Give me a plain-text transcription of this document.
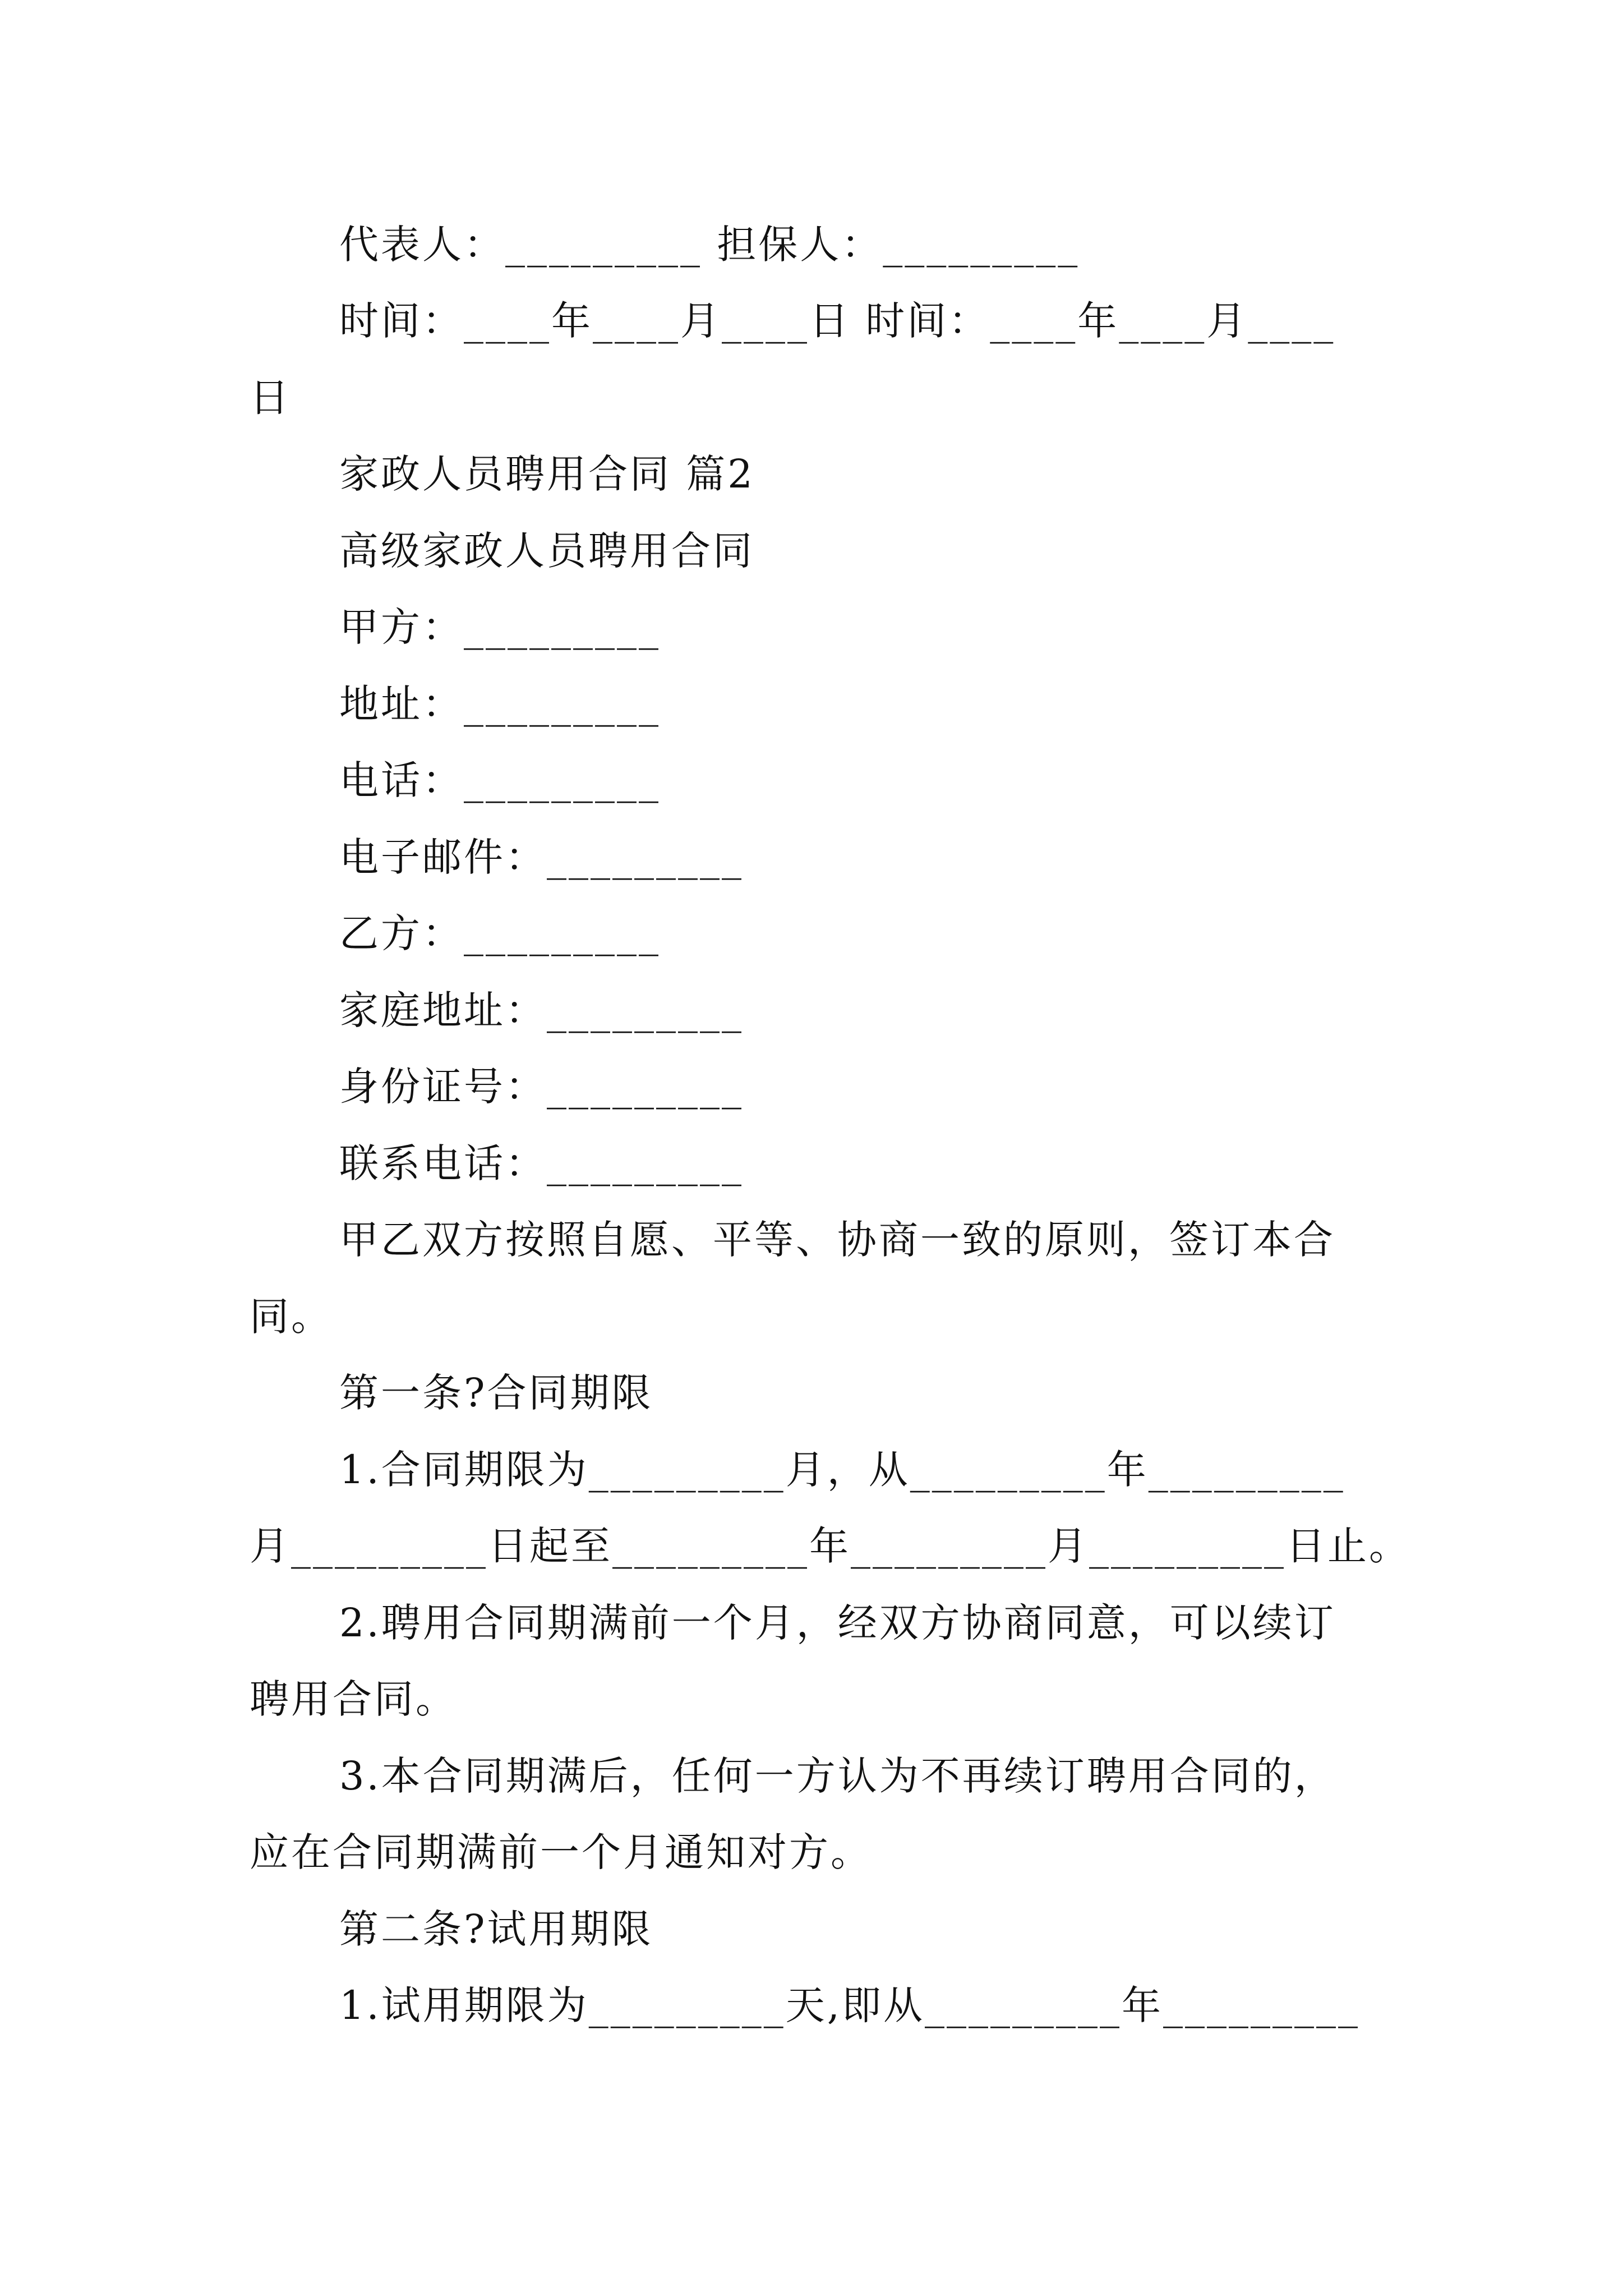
代表人：_________ 担保人：_________
时间：____年____月____日 时间：____年____月____
日
家政人员聘用合同 篇2
高级家政人员聘用合同
甲方：_________
地址：_________
电话：_________
电子邮件：_________
乙方：_________
家庭地址：_________
身份证号：_________
联系电话：_________
甲乙双方按照自愿、平等、协商一致的原则，签订本合
同。
第一条?合同期限
1.合同期限为_________月，从_________年_________
月_________日起至_________年_________月_________日止。
2.聘用合同期满前一个月，经双方协商同意，可以续订
聘用合同。
3.本合同期满后，任何一方认为不再续订聘用合同的，
应在合同期满前一个月通知对方。
第二条?试用期限
1.试用期限为_________天,即从_________年_________
